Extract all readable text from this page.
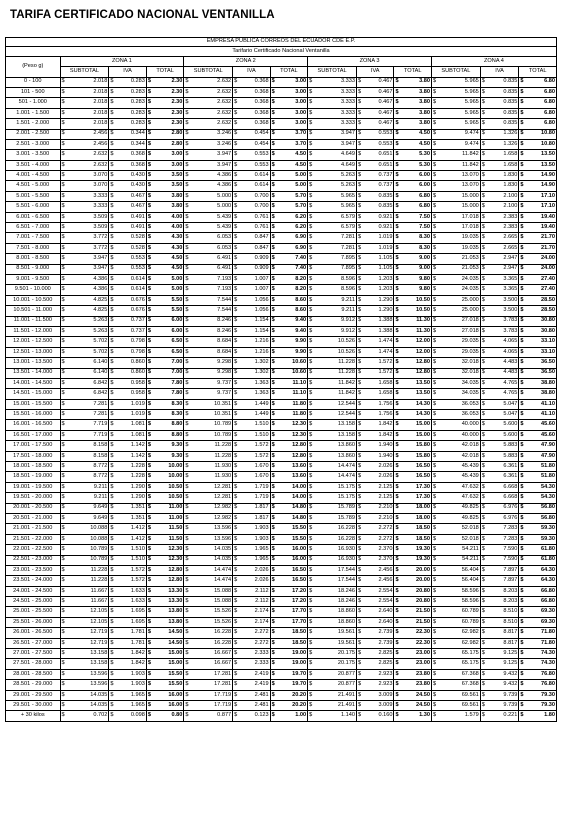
TARIFA CERTIFICADO NACIONAL VENTANILLA
EMPRESA PÚBLICA CORREOS DEL ECUADOR CDE E.P.												
Tarifario Certificado Nacional Ventanilla												
(Peso g)	ZONA 1			ZONA 2			ZONA 3			ZONA 4		
	SUBTOTAL	IVA	TOTAL	SUBTOTAL	IVA	TOTAL	SUBTOTAL	IVA	TOTAL	SUBTOTAL	IVA	TOTAL
0 - 100	$ 2.018	$ 0.283	$ 2.30	$ 2.632	$ 0.368	$ 3.00	$ 3.333	$ 0.467	$ 3.80	$ 5.965	$ 0.835	$ 6.80
101 - 500	$ 2.018	$ 0.283	$ 2.30	$ 2.632	$ 0.368	$ 3.00	$ 3.333	$ 0.467	$ 3.80	$ 5.965	$ 0.835	$ 6.80
501 - 1.000	$ 2.018	$ 0.283	$ 2.30	$ 2.632	$ 0.368	$ 3.00	$ 3.333	$ 0.467	$ 3.80	$ 5.965	$ 0.835	$ 6.80
1.001 - 1.500	$ 2.018	$ 0.283	$ 2.30	$ 2.632	$ 0.368	$ 3.00	$ 3.333	$ 0.467	$ 3.80	$ 5.965	$ 0.835	$ 6.80
1.501 - 2.000	$ 2.018	$ 0.283	$ 2.30	$ 2.632	$ 0.368	$ 3.00	$ 3.333	$ 0.467	$ 3.80	$ 5.965	$ 0.835	$ 6.80
2.001 - 2.500	$ 2.456	$ 0.344	$ 2.80	$ 3.246	$ 0.454	$ 3.70	$ 3.947	$ 0.553	$ 4.50	$ 9.474	$ 1.326	$ 10.80
2.501 - 3.000	$ 2.456	$ 0.344	$ 2.80	$ 3.246	$ 0.454	$ 3.70	$ 3.947	$ 0.553	$ 4.50	$ 9.474	$ 1.326	$ 10.80
3.001 - 3.500	$ 2.632	$ 0.368	$ 3.00	$ 3.947	$ 0.553	$ 4.50	$ 4.649	$ 0.651	$ 5.30	$ 11.842	$ 1.658	$ 13.50
3.501 - 4.000	$ 2.632	$ 0.368	$ 3.00	$ 3.947	$ 0.553	$ 4.50	$ 4.649	$ 0.651	$ 5.30	$ 11.842	$ 1.658	$ 13.50
4.001 - 4.500	$ 3.070	$ 0.430	$ 3.50	$ 4.386	$ 0.614	$ 5.00	$ 5.263	$ 0.737	$ 6.00	$ 13.070	$ 1.830	$ 14.90
4.501 - 5.000	$ 3.070	$ 0.430	$ 3.50	$ 4.386	$ 0.614	$ 5.00	$ 5.263	$ 0.737	$ 6.00	$ 13.070	$ 1.830	$ 14.90
5.001 - 5.500	$ 3.333	$ 0.467	$ 3.80	$ 5.000	$ 0.700	$ 5.70	$ 5.965	$ 0.835	$ 6.80	$ 15.000	$ 2.100	$ 17.10
5.501 - 6.000	$ 3.333	$ 0.467	$ 3.80	$ 5.000	$ 0.700	$ 5.70	$ 5.965	$ 0.835	$ 6.80	$ 15.000	$ 2.100	$ 17.10
6.001 - 6.500	$ 3.509	$ 0.491	$ 4.00	$ 5.439	$ 0.761	$ 6.20	$ 6.579	$ 0.921	$ 7.50	$ 17.018	$ 2.383	$ 19.40
6.501 - 7.000	$ 3.509	$ 0.491	$ 4.00	$ 5.439	$ 0.761	$ 6.20	$ 6.579	$ 0.921	$ 7.50	$ 17.018	$ 2.383	$ 19.40
7.001 - 7.500	$ 3.772	$ 0.528	$ 4.30	$ 6.053	$ 0.847	$ 6.90	$ 7.281	$ 1.019	$ 8.30	$ 19.035	$ 2.665	$ 21.70
7.501 - 8.000	$ 3.772	$ 0.528	$ 4.30	$ 6.053	$ 0.847	$ 6.90	$ 7.281	$ 1.019	$ 8.30	$ 19.035	$ 2.665	$ 21.70
8.001 - 8.500	$ 3.947	$ 0.553	$ 4.50	$ 6.491	$ 0.909	$ 7.40	$ 7.895	$ 1.105	$ 9.00	$ 21.053	$ 2.947	$ 24.00
8.501 - 9.000	$ 3.947	$ 0.553	$ 4.50	$ 6.491	$ 0.909	$ 7.40	$ 7.895	$ 1.105	$ 9.00	$ 21.053	$ 2.947	$ 24.00
9.001 - 9.500	$ 4.386	$ 0.614	$ 5.00	$ 7.193	$ 1.007	$ 8.20	$ 8.596	$ 1.203	$ 9.80	$ 24.035	$ 3.365	$ 27.40
9.501 - 10.000	$ 4.386	$ 0.614	$ 5.00	$ 7.193	$ 1.007	$ 8.20	$ 8.596	$ 1.203	$ 9.80	$ 24.035	$ 3.365	$ 27.40
10.001 - 10.500	$ 4.825	$ 0.676	$ 5.50	$ 7.544	$ 1.056	$ 8.60	$ 9.211	$ 1.290	$ 10.50	$ 25.000	$ 3.500	$ 28.50
10.501 - 11.000	$ 4.825	$ 0.676	$ 5.50	$ 7.544	$ 1.056	$ 8.60	$ 9.211	$ 1.290	$ 10.50	$ 25.000	$ 3.500	$ 28.50
11.001 - 11.500	$ 5.263	$ 0.737	$ 6.00	$ 8.246	$ 1.154	$ 9.40	$ 9.912	$ 1.388	$ 11.30	$ 27.018	$ 3.783	$ 30.80
11.501 - 12.000	$ 5.263	$ 0.737	$ 6.00	$ 8.246	$ 1.154	$ 9.40	$ 9.912	$ 1.388	$ 11.30	$ 27.018	$ 3.783	$ 30.80
12.001 - 12.500	$ 5.702	$ 0.798	$ 6.50	$ 8.684	$ 1.216	$ 9.90	$ 10.526	$ 1.474	$ 12.00	$ 29.035	$ 4.065	$ 33.10
12.501 - 13.000	$ 5.702	$ 0.798	$ 6.50	$ 8.684	$ 1.216	$ 9.90	$ 10.526	$ 1.474	$ 12.00	$ 29.035	$ 4.065	$ 33.10
13.001 - 13.500	$ 6.140	$ 0.860	$ 7.00	$ 9.298	$ 1.302	$ 10.60	$ 11.228	$ 1.572	$ 12.80	$ 32.018	$ 4.483	$ 36.50
13.501 - 14.000	$ 6.140	$ 0.860	$ 7.00	$ 9.298	$ 1.302	$ 10.60	$ 11.228	$ 1.572	$ 12.80	$ 32.018	$ 4.483	$ 36.50
14.001 - 14.500	$ 6.842	$ 0.958	$ 7.80	$ 9.737	$ 1.363	$ 11.10	$ 11.842	$ 1.658	$ 13.50	$ 34.035	$ 4.765	$ 38.80
14.501 - 15.000	$ 6.842	$ 0.958	$ 7.80	$ 9.737	$ 1.363	$ 11.10	$ 11.842	$ 1.658	$ 13.50	$ 34.035	$ 4.765	$ 38.80
15.001 - 15.500	$ 7.281	$ 1.019	$ 8.30	$ 10.351	$ 1.449	$ 11.80	$ 12.544	$ 1.756	$ 14.30	$ 36.053	$ 5.047	$ 41.10
15.501 - 16.000	$ 7.281	$ 1.019	$ 8.30	$ 10.351	$ 1.449	$ 11.80	$ 12.544	$ 1.756	$ 14.30	$ 36.053	$ 5.047	$ 41.10
16.001 - 16.500	$ 7.719	$ 1.081	$ 8.80	$ 10.789	$ 1.510	$ 12.30	$ 13.158	$ 1.842	$ 15.00	$ 40.000	$ 5.600	$ 45.60
16.501 - 17.000	$ 7.719	$ 1.081	$ 8.80	$ 10.789	$ 1.510	$ 12.30	$ 13.158	$ 1.842	$ 15.00	$ 40.000	$ 5.600	$ 45.60
17.001 - 17.500	$ 8.158	$ 1.142	$ 9.30	$ 11.228	$ 1.572	$ 12.80	$ 13.860	$ 1.940	$ 15.80	$ 42.018	$ 5.883	$ 47.90
17.501 - 18.000	$ 8.158	$ 1.142	$ 9.30	$ 11.228	$ 1.572	$ 12.80	$ 13.860	$ 1.940	$ 15.80	$ 42.018	$ 5.883	$ 47.90
18.001 - 18.500	$ 8.772	$ 1.228	$ 10.00	$ 11.930	$ 1.670	$ 13.60	$ 14.474	$ 2.026	$ 16.50	$ 45.439	$ 6.361	$ 51.80
18.501 - 19.000	$ 8.772	$ 1.228	$ 10.00	$ 11.930	$ 1.670	$ 13.60	$ 14.474	$ 2.026	$ 16.50	$ 45.439	$ 6.361	$ 51.80
19.001 - 19.500	$ 9.211	$ 1.290	$ 10.50	$ 12.281	$ 1.719	$ 14.00	$ 15.175	$ 2.125	$ 17.30	$ 47.632	$ 6.668	$ 54.30
19.501 - 20.000	$ 9.211	$ 1.290	$ 10.50	$ 12.281	$ 1.719	$ 14.00	$ 15.175	$ 2.125	$ 17.30	$ 47.632	$ 6.668	$ 54.30
20.001 - 20.500	$ 9.649	$ 1.351	$ 11.00	$ 12.982	$ 1.817	$ 14.80	$ 15.789	$ 2.210	$ 18.00	$ 49.825	$ 6.976	$ 56.80
20.501 - 21.000	$ 9.649	$ 1.351	$ 11.00	$ 12.982	$ 1.817	$ 14.80	$ 15.789	$ 2.210	$ 18.00	$ 49.825	$ 6.976	$ 56.80
21.001 - 21.500	$ 10.088	$ 1.412	$ 11.50	$ 13.596	$ 1.903	$ 15.50	$ 16.228	$ 2.272	$ 18.50	$ 52.018	$ 7.283	$ 59.30
21.501 - 22.000	$ 10.088	$ 1.412	$ 11.50	$ 13.596	$ 1.903	$ 15.50	$ 16.228	$ 2.272	$ 18.50	$ 52.018	$ 7.283	$ 59.30
22.001 - 22.500	$ 10.789	$ 1.510	$ 12.30	$ 14.035	$ 1.965	$ 16.00	$ 16.930	$ 2.370	$ 19.30	$ 54.211	$ 7.590	$ 61.80
22.501 - 23.000	$ 10.789	$ 1.510	$ 12.30	$ 14.035	$ 1.965	$ 16.00	$ 16.930	$ 2.370	$ 19.30	$ 54.211	$ 7.590	$ 61.80
23.001 - 23.500	$ 11.228	$ 1.572	$ 12.80	$ 14.474	$ 2.026	$ 16.50	$ 17.544	$ 2.456	$ 20.00	$ 56.404	$ 7.897	$ 64.30
23.501 - 24.000	$ 11.228	$ 1.572	$ 12.80	$ 14.474	$ 2.026	$ 16.50	$ 17.544	$ 2.456	$ 20.00	$ 56.404	$ 7.897	$ 64.30
24.001 - 24.500	$ 11.667	$ 1.633	$ 13.30	$ 15.088	$ 2.112	$ 17.20	$ 18.246	$ 2.554	$ 20.80	$ 58.596	$ 8.203	$ 66.80
24.501 - 25.000	$ 11.667	$ 1.633	$ 13.30	$ 15.088	$ 2.112	$ 17.20	$ 18.246	$ 2.554	$ 20.80	$ 58.596	$ 8.203	$ 66.80
25.001 - 25.500	$ 12.105	$ 1.695	$ 13.80	$ 15.526	$ 2.174	$ 17.70	$ 18.860	$ 2.640	$ 21.50	$ 60.789	$ 8.510	$ 69.30
25.501 - 26.000	$ 12.105	$ 1.695	$ 13.80	$ 15.526	$ 2.174	$ 17.70	$ 18.860	$ 2.640	$ 21.50	$ 60.789	$ 8.510	$ 69.30
26.001 - 26.500	$ 12.719	$ 1.781	$ 14.50	$ 16.228	$ 2.272	$ 18.50	$ 19.561	$ 2.739	$ 22.30	$ 62.982	$ 8.817	$ 71.80
26.501 - 27.000	$ 12.719	$ 1.781	$ 14.50	$ 16.228	$ 2.272	$ 18.50	$ 19.561	$ 2.739	$ 22.30	$ 62.982	$ 8.817	$ 71.80
27.001 - 27.500	$ 13.158	$ 1.842	$ 15.00	$ 16.667	$ 2.333	$ 19.00	$ 20.175	$ 2.825	$ 23.00	$ 65.175	$ 9.125	$ 74.30
27.501 - 28.000	$ 13.158	$ 1.842	$ 15.00	$ 16.667	$ 2.333	$ 19.00	$ 20.175	$ 2.825	$ 23.00	$ 65.175	$ 9.125	$ 74.30
28.001 - 28.500	$ 13.596	$ 1.903	$ 15.50	$ 17.281	$ 2.419	$ 19.70	$ 20.877	$ 2.923	$ 23.80	$ 67.368	$ 9.432	$ 76.80
28.501 - 29.000	$ 13.596	$ 1.903	$ 15.50	$ 17.281	$ 2.419	$ 19.70	$ 20.877	$ 2.923	$ 23.80	$ 67.368	$ 9.432	$ 76.80
29.001 - 29.500	$ 14.035	$ 1.965	$ 16.00	$ 17.719	$ 2.481	$ 20.20	$ 21.491	$ 3.009	$ 24.50	$ 69.561	$ 9.739	$ 79.30
29.501 - 30.000	$ 14.035	$ 1.965	$ 16.00	$ 17.719	$ 2.481	$ 20.20	$ 21.491	$ 3.009	$ 24.50	$ 69.561	$ 9.739	$ 79.30
+ 30 kilos	$ 0.702	$ 0.098	$ 0.80	$ 0.877	$ 0.123	$ 1.00	$ 1.140	$ 0.160	$ 1.30	$ 1.579	$ 0.221	$ 1.80
